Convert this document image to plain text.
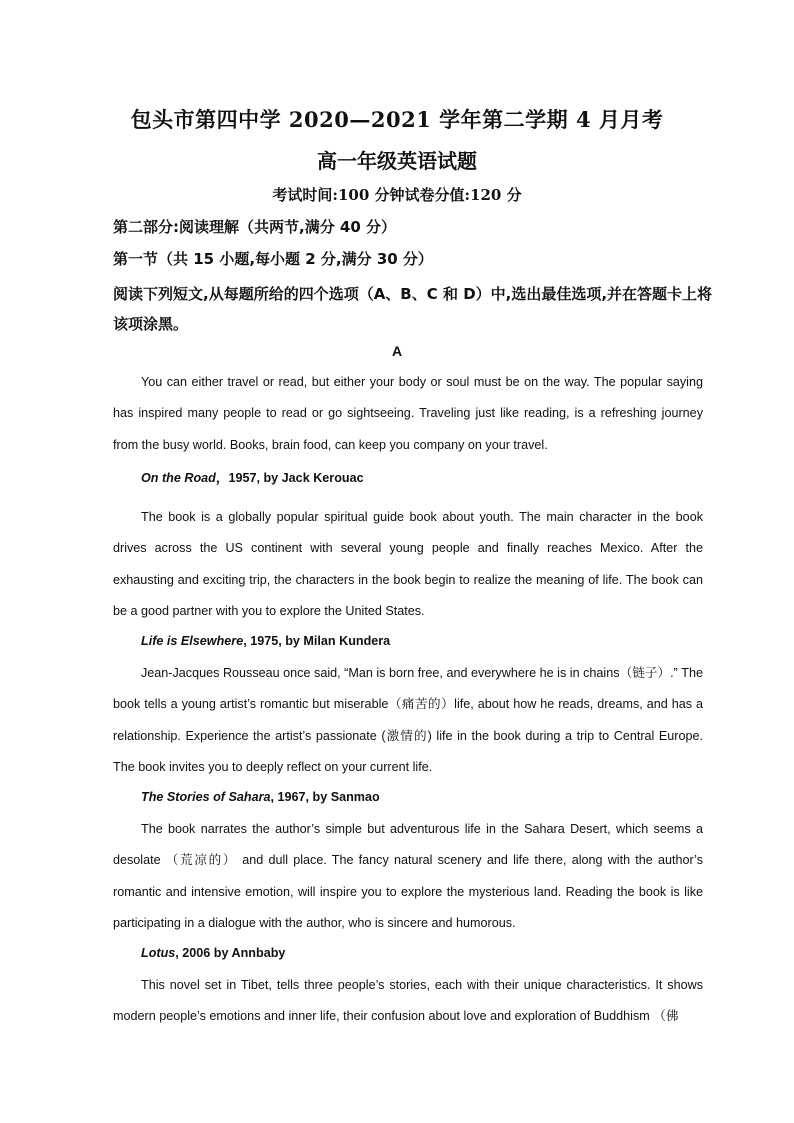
包头市第四中学 2020—2021 学年第二学期 4 月月考
高一年级英语试题
考试时间:100 分钟试卷分值:120 分
第二部分:阅读理解（共两节,满分 40 分）
第一节（共 15 小题,每小题 2 分,满分 30 分）
阅读下列短文,从每题所给的四个选项（A、B、C 和 D）中,选出最佳选项,并在答题卡上将该项涂黑。
A
You can either travel or read, but either your body or soul must be on the way. The popular saying has inspired many people to read or go sightseeing. Traveling just like reading, is a refreshing journey from the busy world. Books, brain food, can keep you company on your travel.
On the Road，1957, by Jack Kerouac
The book is a globally popular spiritual guide book about youth. The main character in the book drives across the US continent with several young people and finally reaches Mexico. After the exhausting and exciting trip, the characters in the book begin to realize the meaning of life. The book can be a good partner with you to explore the United States.
Life is Elsewhere, 1975, by Milan Kundera
Jean-Jacques Rousseau once said, “Man is born free, and everywhere he is in chains（链子）.” The book tells a young artist’s romantic but miserable（痛苦的）life, about how he reads, dreams, and has a relationship. Experience the artist’s passionate (激情的) life in the book during a trip to Central Europe. The book invites you to deeply reflect on your current life.
The Stories of Sahara, 1967, by Sanmao
The book narrates the author’s simple but adventurous life in the Sahara Desert, which seems a desolate （荒凉的） and dull place. The fancy natural scenery and life there, along with the author’s romantic and intensive emotion, will inspire you to explore the mysterious land. Reading the book is like participating in a dialogue with the author, who is sincere and humorous.
Lotus, 2006 by Annbaby
This novel set in Tibet, tells three people’s stories, each with their unique characteristics. It shows modern people’s emotions and inner life, their confusion about love and exploration of Buddhism （佛
